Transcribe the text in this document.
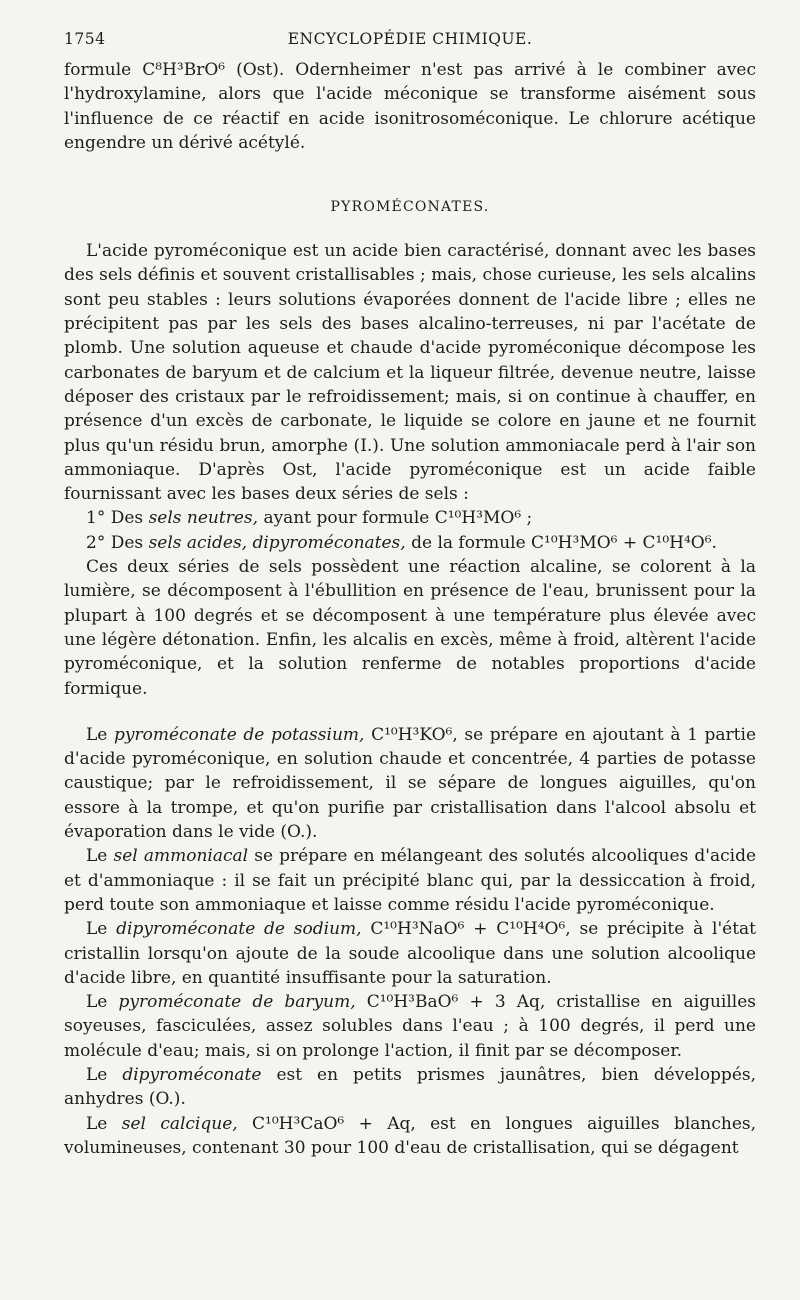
1754	ENCYCLOPÉDIE CHIMIQUE.

formule C⁸H³BrO⁶ (Ost). Odernheimer n'est pas arrivé à le combiner avec l'hydroxylamine, alors que l'acide méconique se transforme aisément sous l'influence de ce réactif en acide isonitrosoméconique. Le chlorure acétique engendre un dérivé acétylé.

PYROMÉCONATES.

L'acide pyroméconique est un acide bien caractérisé, donnant avec les bases des sels définis et souvent cristallisables ; mais, chose curieuse, les sels alcalins sont peu stables : leurs solutions évaporées donnent de l'acide libre ; elles ne précipitent pas par les sels des bases alcalino-terreuses, ni par l'acétate de plomb. Une solution aqueuse et chaude d'acide pyroméconique décompose les carbonates de baryum et de calcium et la liqueur filtrée, devenue neutre, laisse déposer des cristaux par le refroidissement; mais, si on continue à chauffer, en présence d'un excès de carbonate, le liquide se colore en jaune et ne fournit plus qu'un résidu brun, amorphe (I.). Une solution ammoniacale perd à l'air son ammoniaque. D'après Ost, l'acide pyroméconique est un acide faible fournissant avec les bases deux séries de sels :

1° Des sels neutres, ayant pour formule C¹⁰H³MO⁶ ;

2° Des sels acides, dipyroméconates, de la formule C¹⁰H³MO⁶ + C¹⁰H⁴O⁶.

Ces deux séries de sels possèdent une réaction alcaline, se colorent à la lumière, se décomposent à l'ébullition en présence de l'eau, brunissent pour la plupart à 100 degrés et se décomposent à une température plus élevée avec une légère détonation. Enfin, les alcalis en excès, même à froid, altèrent l'acide pyroméconique, et la solution renferme de notables proportions d'acide formique.

Le pyroméconate de potassium, C¹⁰H³KO⁶, se prépare en ajoutant à 1 partie d'acide pyroméconique, en solution chaude et concentrée, 4 parties de potasse caustique; par le refroidissement, il se sépare de longues aiguilles, qu'on essore à la trompe, et qu'on purifie par cristallisation dans l'alcool absolu et évaporation dans le vide (O.).

Le sel ammoniacal se prépare en mélangeant des solutés alcooliques d'acide et d'ammoniaque : il se fait un précipité blanc qui, par la dessiccation à froid, perd toute son ammoniaque et laisse comme résidu l'acide pyroméconique.

Le dipyroméconate de sodium, C¹⁰H³NaO⁶ + C¹⁰H⁴O⁶, se précipite à l'état cristallin lorsqu'on ajoute de la soude alcoolique dans une solution alcoolique d'acide libre, en quantité insuffisante pour la saturation.

Le pyroméconate de baryum, C¹⁰H³BaO⁶ + 3 Aq, cristallise en aiguilles soyeuses, fasciculées, assez solubles dans l'eau ; à 100 degrés, il perd une molécule d'eau; mais, si on prolonge l'action, il finit par se décomposer.

Le dipyroméconate est en petits prismes jaunâtres, bien développés, anhydres (O.).

Le sel calcique, C¹⁰H³CaO⁶ + Aq, est en longues aiguilles blanches, volumineuses, contenant 30 pour 100 d'eau de cristallisation, qui se dégagent
